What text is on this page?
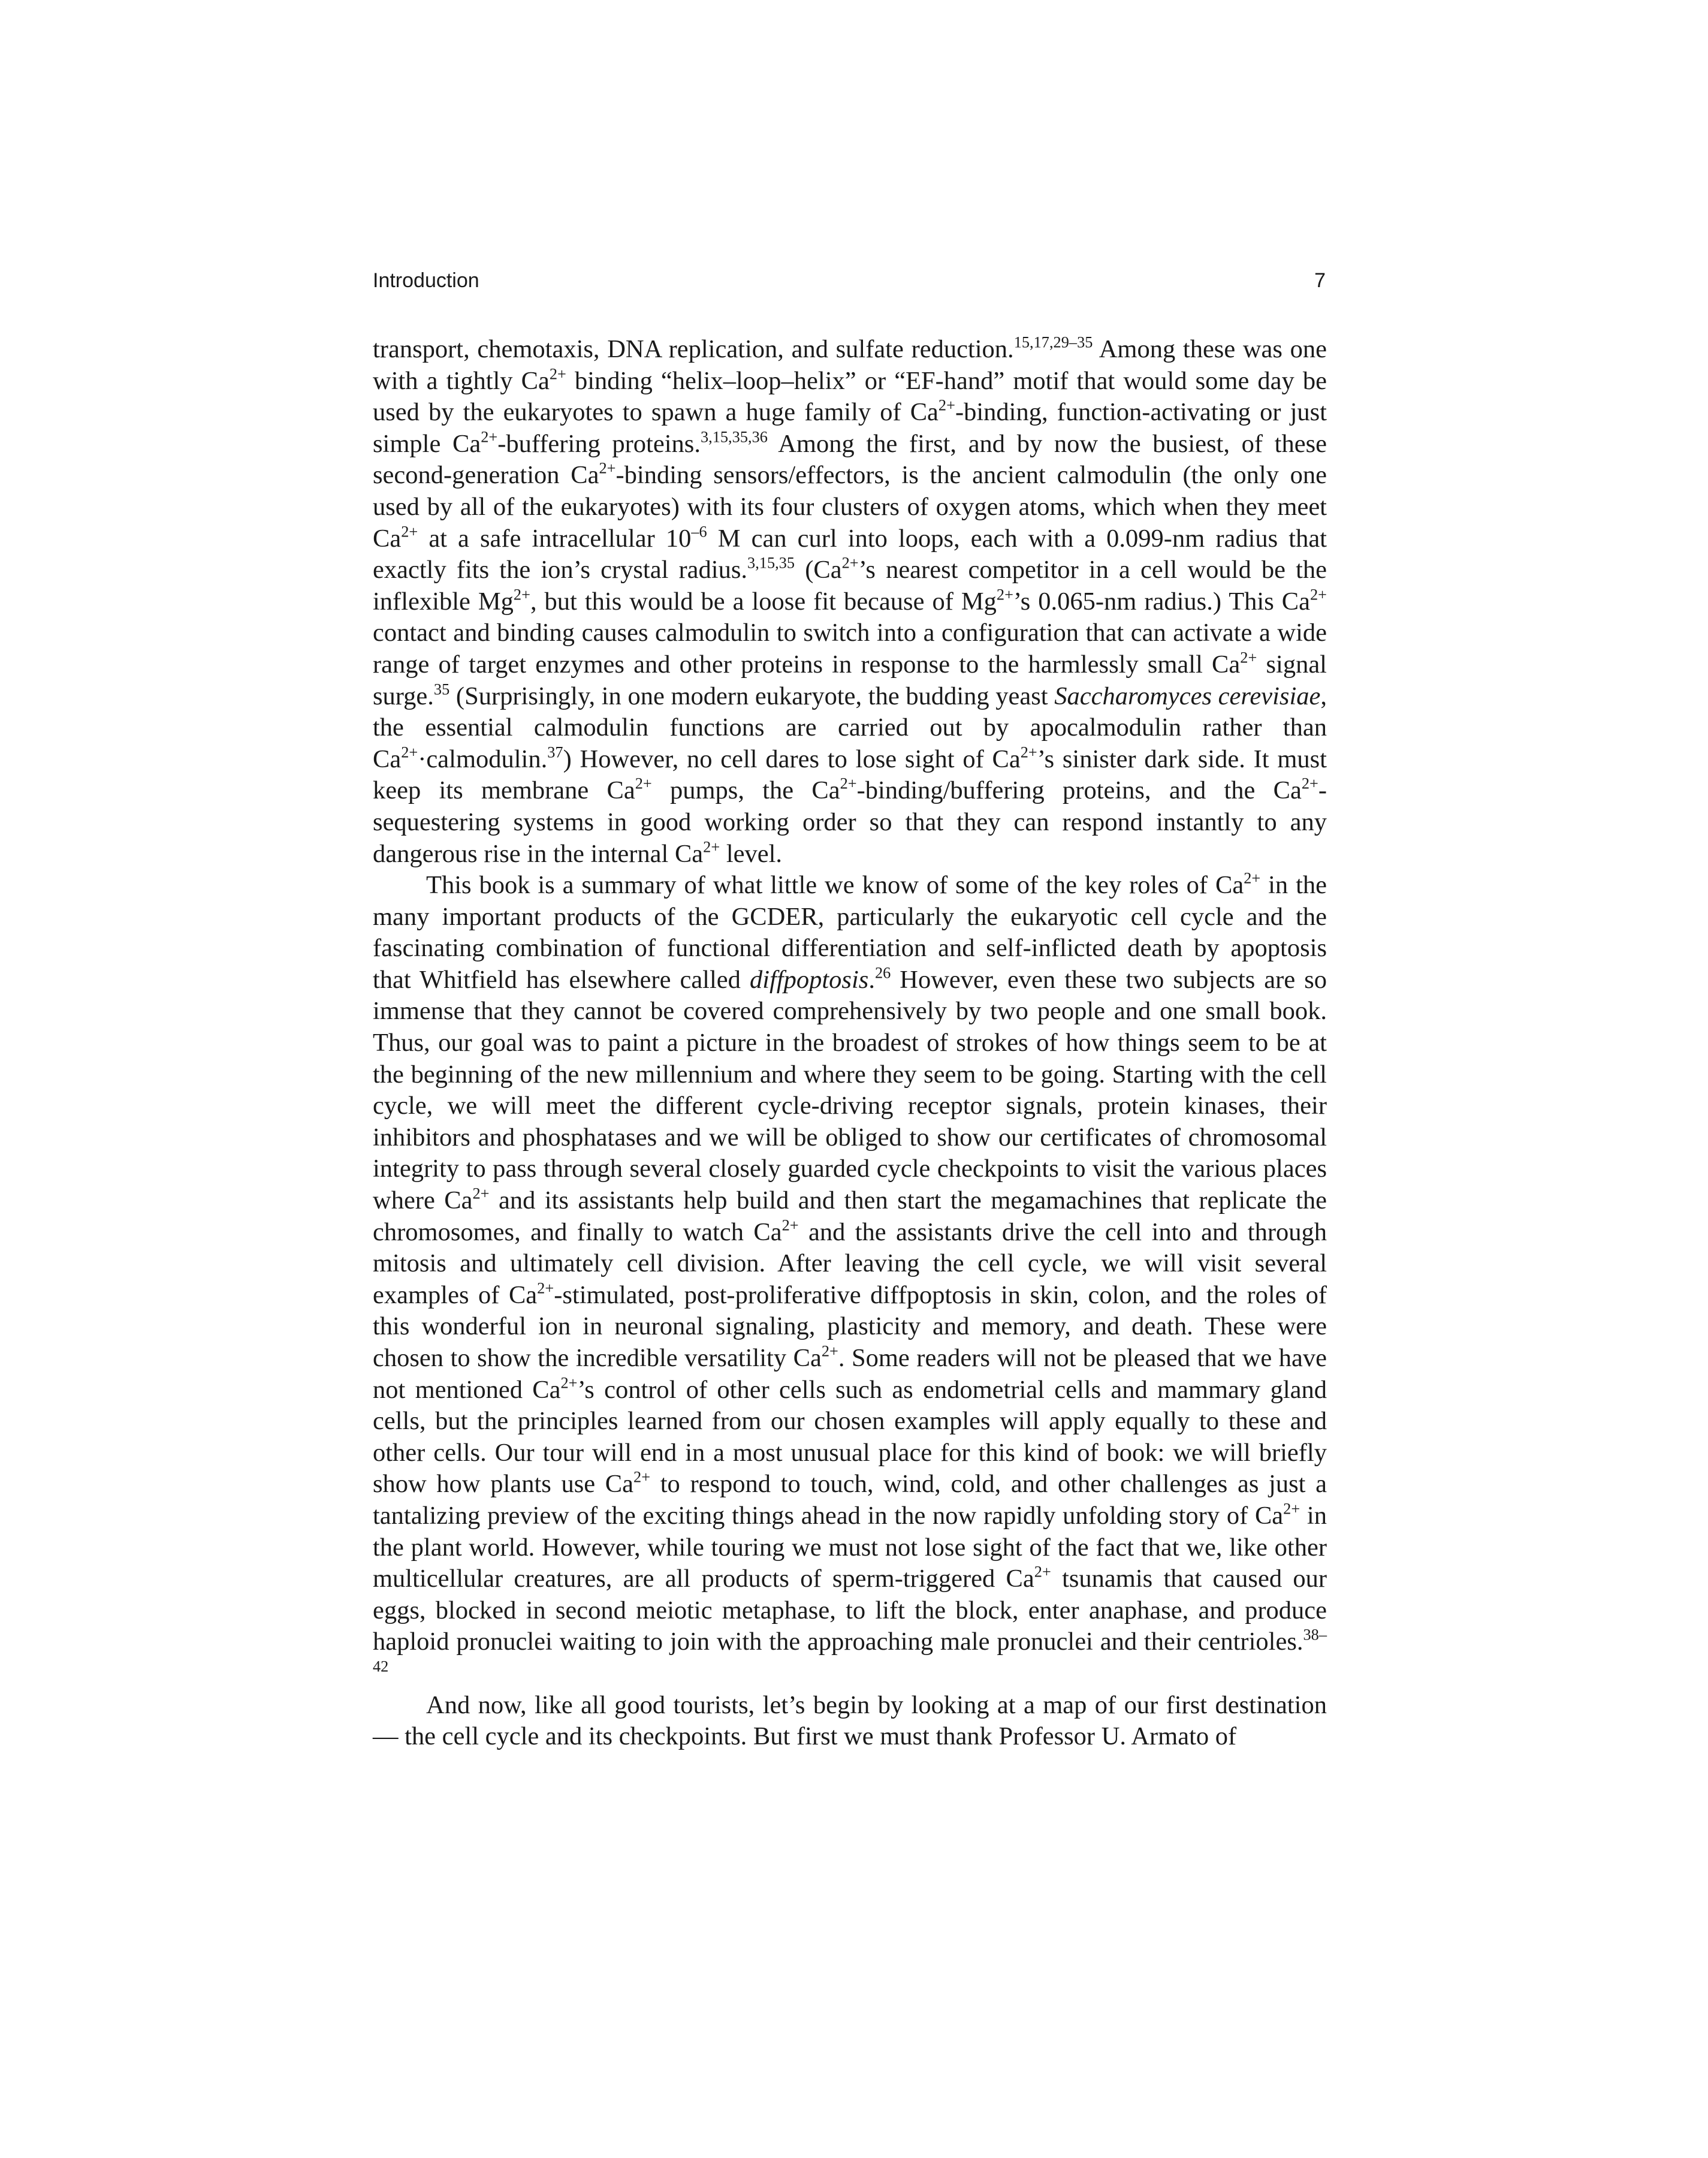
Introduction	7

transport, chemotaxis, DNA replication, and sulfate reduction.$^{15,17,29-35}$ Among these was one with a tightly $Ca^{2+}$ binding “helix–loop–helix” or “EF-hand” motif that would some day be used by the eukaryotes to spawn a huge family of $Ca^{2+}$-binding, function-activating or just simple $Ca^{2+}$-buffering proteins.$^{3,15,35,36}$ Among the first, and by now the busiest, of these second-generation $Ca^{2+}$-binding sensors/effectors, is the ancient calmodulin (the only one used by all of the eukaryotes) with its four clusters of oxygen atoms, which when they meet $Ca^{2+}$ at a safe intracellular $10^{-6}$ M can curl into loops, each with a 0.099-nm radius that exactly fits the ion’s crystal radius.$^{3,15,35}$ ($Ca^{2+}’s$ nearest competitor in a cell would be the inflexible $Mg^{2+}$, but this would be a loose fit because of $Mg^{2+}’s$ 0.065-nm radius.) This $Ca^{2+}$ contact and binding causes calmodulin to switch into a configuration that can activate a wide range of target enzymes and other proteins in response to the harmlessly small $Ca^{2+}$ signal surge.$^{35}$ (Surprisingly, in one modern eukaryote, the budding yeast Saccharomyces cerevisiae, the essential calmodulin functions are carried out by apocalmodulin rather than $Ca^{2+}\cdot calmodulin.^{37}$) However, no cell dares to lose sight of $Ca^{2+}’s$ sinister dark side. It must keep its membrane $Ca^{2+}$ pumps, the $Ca^{2+}-binding$/buffering proteins, and the $Ca^{2+}$-sequestering systems in good working order so that they can respond instantly to any dangerous rise in the internal $Ca^{2+}$ level.

This book is a summary of what little we know of some of the key roles of $Ca^{2+}$ in the many important products of the GCDER, particularly the eukaryotic cell cycle and the fascinating combination of functional differentiation and self-inflicted death by apoptosis that Whitfield has elsewhere called diffpoptosis.$^{26}$ However, even these two subjects are so immense that they cannot be covered comprehensively by two people and one small book. Thus, our goal was to paint a picture in the broadest of strokes of how things seem to be at the beginning of the new millennium and where they seem to be going. Starting with the cell cycle, we will meet the different cycle-driving receptor signals, protein kinases, their inhibitors and phosphatases and we will be obliged to show our certificates of chromosomal integrity to pass through several closely guarded cycle checkpoints to visit the various places where $Ca^{2+}$ and its assistants help build and then start the megamachines that replicate the chromosomes, and finally to watch $Ca^{2+}$ and the assistants drive the cell into and through mitosis and ultimately cell division. After leaving the cell cycle, we will visit several examples of $Ca^{2+}$-stimulated, post-proliferative diffpoptosis in skin, colon, and the roles of this wonderful ion in neuronal signaling, plasticity and memory, and death. These were chosen to show the incredible versatility $Ca^{2+}$. Some readers will not be pleased that we have not mentioned $Ca^{2+}’s$ control of other cells such as endometrial cells and mammary gland cells, but the principles learned from our chosen examples will apply equally to these and other cells. Our tour will end in a most unusual place for this kind of book: we will briefly show how plants use $Ca^{2+}$ to respond to touch, wind, cold, and other challenges as just a tantalizing preview of the exciting things ahead in the now rapidly unfolding story of $Ca^{2+}$ in the plant world. However, while touring we must not lose sight of the fact that we, like other multicellular creatures, are all products of sperm-triggered $Ca^{2+}$ tsunamis that caused our eggs, blocked in second meiotic metaphase, to lift the block, enter anaphase, and produce haploid pronuclei waiting to join with the approaching male pronuclei and their centrioles.$^{38-42}$

And now, like all good tourists, let’s begin by looking at a map of our first destination — the cell cycle and its checkpoints. But first we must thank Professor U. Armato of
